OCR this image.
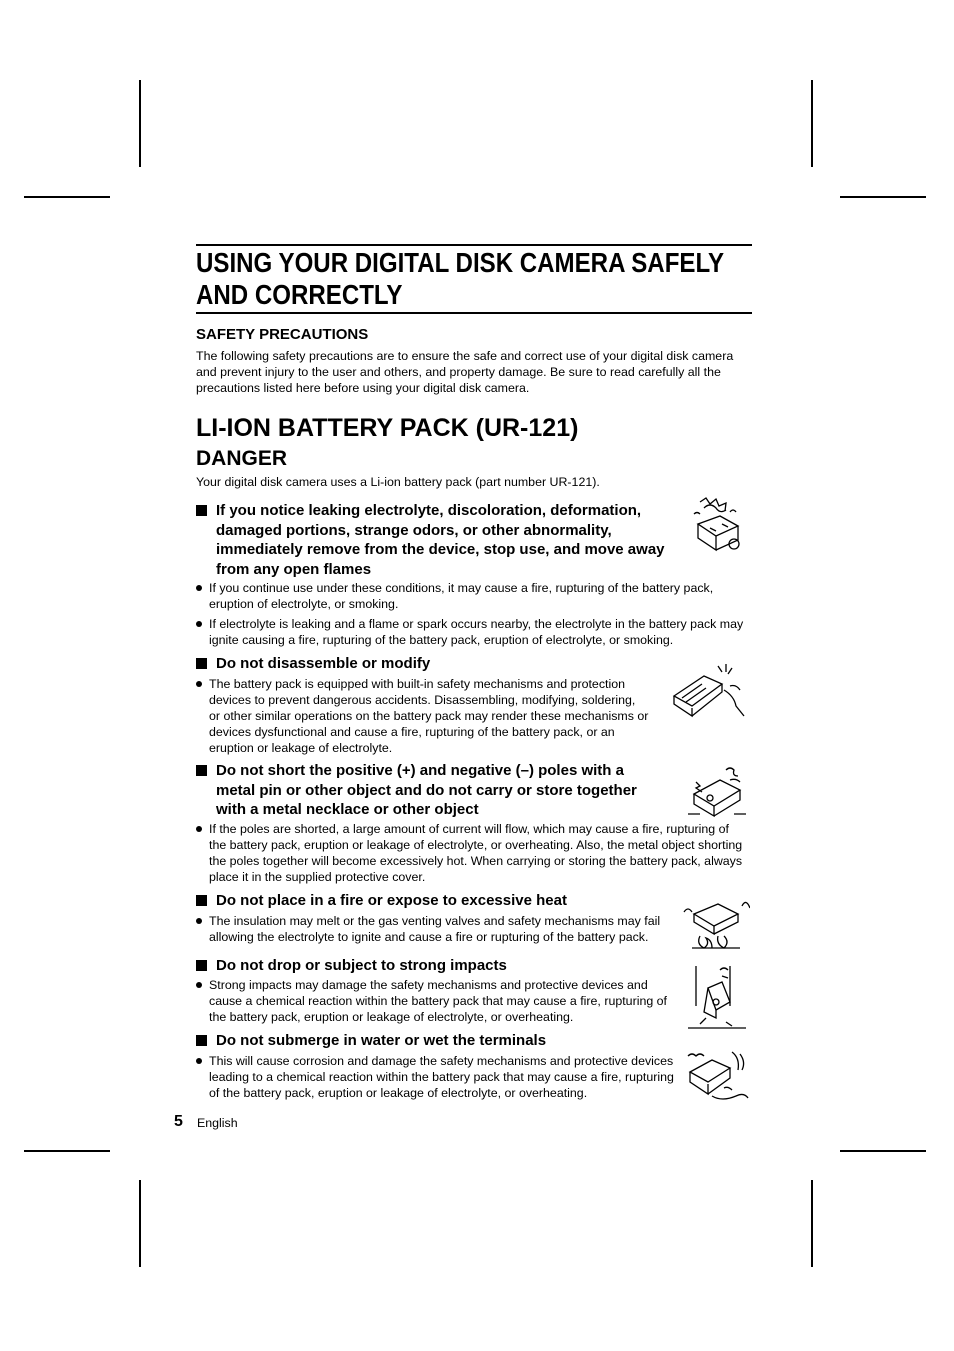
USING YOUR DIGITAL DISK CAMERA SAFELY
AND CORRECTLY
SAFETY PRECAUTIONS
The following safety precautions are to ensure the safe and correct use of your digital disk camera and prevent injury to the user and others, and property damage. Be sure to read carefully all the precautions listed here before using your digital disk camera.
LI-ION BATTERY PACK (UR-121)
DANGER
Your digital disk camera uses a Li-ion battery pack (part number UR-121).
If you notice leaking electrolyte, discoloration, deformation, damaged portions, strange odors, or other abnormality, immediately remove from the device, stop use, and move away from any open flames
If you continue use under these conditions, it may cause a fire, rupturing of the battery pack, eruption of electrolyte, or smoking.
If electrolyte is leaking and a flame or spark occurs nearby, the electrolyte in the battery pack may ignite causing a fire, rupturing of the battery pack, eruption of electrolyte, or smoking.
Do not disassemble or modify
The battery pack is equipped with built-in safety mechanisms and protection devices to prevent dangerous accidents. Disassembling, modifying, soldering, or other similar operations on the battery pack may render these mechanisms or devices dysfunctional and cause a fire, rupturing of the battery pack, or an eruption or leakage of electrolyte.
Do not short the positive (+) and negative (–) poles with a metal pin or other object and do not carry or store together with a metal necklace or other object
If the poles are shorted, a large amount of current will flow, which may cause a fire, rupturing of the battery pack, eruption or leakage of electrolyte, or overheating. Also, the metal object shorting the poles together will become excessively hot. When carrying or storing the battery pack, always place it in the supplied protective cover.
Do not place in a fire or expose to excessive heat
The insulation may melt or the gas venting valves and safety mechanisms may fail allowing the electrolyte to ignite and cause a fire or rupturing of the battery pack.
Do not drop or subject to strong impacts
Strong impacts may damage the safety mechanisms and protective devices and cause a chemical reaction within the battery pack that may cause a fire, rupturing of the battery pack, eruption or leakage of electrolyte, or overheating.
Do not submerge in water or wet the terminals
This will cause corrosion and damage the safety mechanisms and protective devices leading to a chemical reaction within the battery pack that may cause a fire, rupturing of the battery pack, eruption or leakage of electrolyte, or overheating.
5 English
